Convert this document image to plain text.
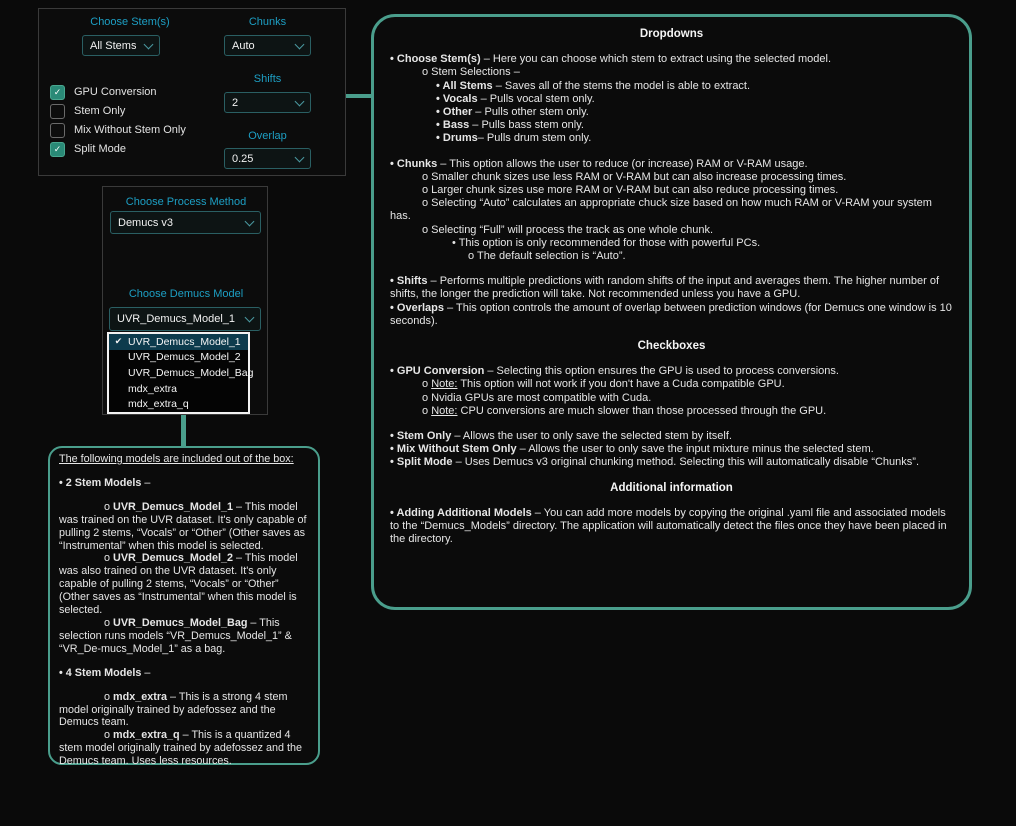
Choose Stem(s)
All Stems
Chunks
Auto
Shifts
2
Overlap
0.25
✓	GPU Conversion
Stem Only
Mix Without Stem Only
✓	Split Mode
Choose Process Method
Demucs v3
Choose Demucs Model
UVR_Demucs_Model_1
✔ UVR_Demucs_Model_1
UVR_Demucs_Model_2
UVR_Demucs_Model_Bag
mdx_extra
mdx_extra_q
The following models are included out of the box:
• 2 Stem Models –
o UVR_Demucs_Model_1 – This model was trained on the UVR dataset. It's only capable of pulling 2 stems, “Vocals” or “Other” (Other saves as “Instrumental” when this model is selected.
o UVR_Demucs_Model_2 – This model was also trained on the UVR dataset. It's only capable of pulling 2 stems, “Vocals” or “Other” (Other saves as “Instrumental” when this model is selected.
o UVR_Demucs_Model_Bag – This selection runs models “VR_Demucs_Model_1” & “VR_De-mucs_Model_1” as a bag.
• 4 Stem Models –
o mdx_extra – This is a strong 4 stem model originally trained by adefossez and the Demucs team.
o mdx_extra_q – This is a quantized 4 stem model originally trained by adefossez and the Demucs team. Uses less resources.
Dropdowns
• Choose Stem(s) – Here you can choose which stem to extract using the selected model.
o Stem Selections –
• All Stems – Saves all of the stems the model is able to extract.
• Vocals – Pulls vocal stem only.
• Other – Pulls other stem only.
• Bass – Pulls bass stem only.
• Drums– Pulls drum stem only.
• Chunks – This option allows the user to reduce (or increase) RAM or V-RAM usage.
o Smaller chunk sizes use less RAM or V-RAM but can also increase processing times.
o Larger chunk sizes use more RAM or V-RAM but can also reduce processing times.
o Selecting “Auto” calculates an appropriate chuck size based on how much RAM or V-RAM your system has.
o Selecting “Full” will process the track as one whole chunk.
• This option is only recommended for those with powerful PCs.
o The default selection is “Auto”.
• Shifts – Performs multiple predictions with random shifts of the input and averages them. The higher number of shifts, the longer the prediction will take. Not recommended unless you have a GPU.
• Overlaps – This option controls the amount of overlap between prediction windows (for Demucs one window is 10 seconds).
Checkboxes
• GPU Conversion – Selecting this option ensures the GPU is used to process conversions.
o Note: This option will not work if you don't have a Cuda compatible GPU.
o Nvidia GPUs are most compatible with Cuda.
o Note: CPU conversions are much slower than those processed through the GPU.
• Stem Only – Allows the user to only save the selected stem by itself.
• Mix Without Stem Only – Allows the user to only save the input mixture minus the selected stem.
• Split Mode – Uses Demucs v3 original chunking method. Selecting this will automatically disable “Chunks”.
Additional information
• Adding Additional Models – You can add more models by copying the original .yaml file and associated models to the “Demucs_Models” directory. The application will automatically detect the files once they have been placed in the directory.
